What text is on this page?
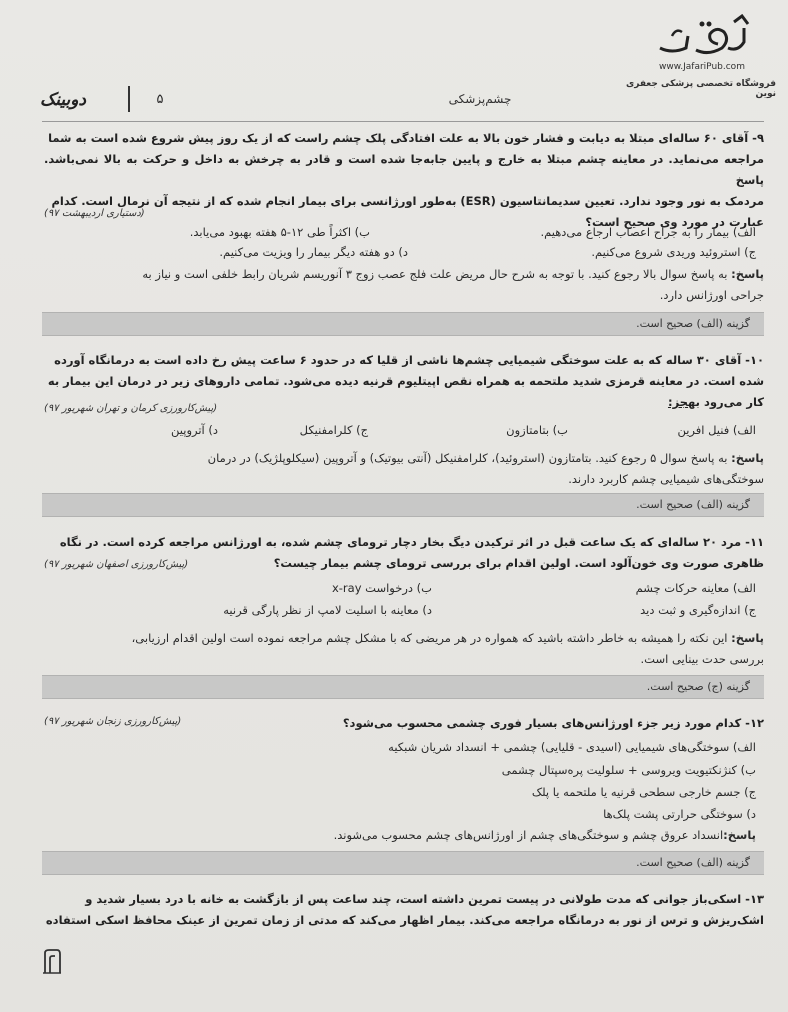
www.JafariPub.com
فروشگاه تخصصی پزشکی جعفری نوین
چشم‌پزشکی
۵
دوبینک
۹- آقای ۶۰ ساله‌ای مبتلا به دیابت و فشار خون بالا به علت افتادگی پلک چشم راست که از یک روز پیش شروع شده است به شما
مراجعه می‌نماید. در معاینه چشم مبتلا به خارج و پایین جابه‌جا شده است و قادر به چرخش به داخل و حرکت به بالا نمی‌باشد. پاسخ
مردمک به نور وجود ندارد. تعیین سدیمانتاسیون (ESR) به‌طور اورژانسی برای بیمار انجام شده که از نتیجه آن نرمال است. کدام
عبارت در مورد وی صحیح است؟
(دستیاری اردیبهشت ۹۷)
الف) بیمار را به جراح اعصاب ارجاع می‌دهیم.
ب) اکثراً طی ۱۲-۵ هفته بهبود می‌یابد.
ج) استروئید وریدی شروع می‌کنیم.
د) دو هفته دیگر بیمار را ویزیت می‌کنیم.
پاسخ: به پاسخ سوال بالا رجوع کنید. با توجه به شرح حال مریض علت فلج عصب زوج ۳ آنوریسم شریان رابط خلفی است و نیاز به
جراحی اورژانس دارد.
گزینه (الف) صحیح است.
۱۰- آقای ۳۰ ساله که به علت سوختگی شیمیایی چشم‌ها ناشی از قلیا که در حدود ۶ ساعت پیش رخ داده است به درمانگاه آورده
شده است. در معاینه قرمزی شدید ملتحمه به همراه نقص اپیتلیوم قرنیه دیده می‌شود. تمامی داروهای زیر در درمان این بیمار به
کار می‌رود بهجز:
(پیش‌کارورزی کرمان و تهران شهریور ۹۷)
الف) فنیل افرین
ب) بتامتازون
ج) کلرامفنیکل
د) آتروپین
پاسخ: به پاسخ سوال ۵ رجوع کنید. بتامتازون (استروئید)، کلرامفنیکل (آنتی بیوتیک) و آتروپین (سیکلوپلژیک) در درمان
سوختگی‌های شیمیایی چشم کاربرد دارند.
گزینه (الف) صحیح است.
۱۱- مرد ۲۰ ساله‌ای که یک ساعت قبل در اثر ترکیدن دیگ بخار دچار ترومای چشم شده، به اورژانس مراجعه کرده است. در نگاه
ظاهری صورت وی خون‌آلود است. اولین اقدام برای بررسی ترومای چشم بیمار چیست؟
(پیش‌کارورزی اصفهان شهریور ۹۷)
الف) معاینه حرکات چشم
ب) درخواست x-ray
ج) اندازه‌گیری و ثبت دید
د) معاینه با اسلیت لامپ از نظر پارگی قرنیه
پاسخ: این نکته را همیشه به خاطر داشته باشید که همواره در هر مریضی که با مشکل چشم مراجعه نموده است اولین اقدام ارزیابی،
بررسی حدت بینایی است.
گزینه (ج) صحیح است.
۱۲- کدام مورد زیر جزء اورژانس‌های بسیار فوری چشمی محسوب می‌شود؟
(پیش‌کارورزی زنجان شهریور ۹۷)
الف) سوختگی‌های شیمیایی (اسیدی - قلیایی) چشمی + انسداد شریان شبکیه
ب) کنژنکتیویت ویروسی + سلولیت پره‌سپتال چشمی
ج) جسم خارجی سطحی قرنیه یا ملتحمه یا پلک
د) سوختگی حرارتی پشت پلک‌ها
پاسخ:انسداد عروق چشم و سوختگی‌های چشم از اورژانس‌های چشم محسوب می‌شوند.
گزینه (الف) صحیح است.
۱۳- اسکی‌باز جوانی که مدت طولانی در پیست تمرین داشته است، چند ساعت پس از بازگشت به خانه با درد بسیار شدید و
اشک‌ریزش و ترس از نور به درمانگاه مراجعه می‌کند. بیمار اظهار می‌کند که مدتی از زمان تمرین از عینک محافظ اسکی استفاده
